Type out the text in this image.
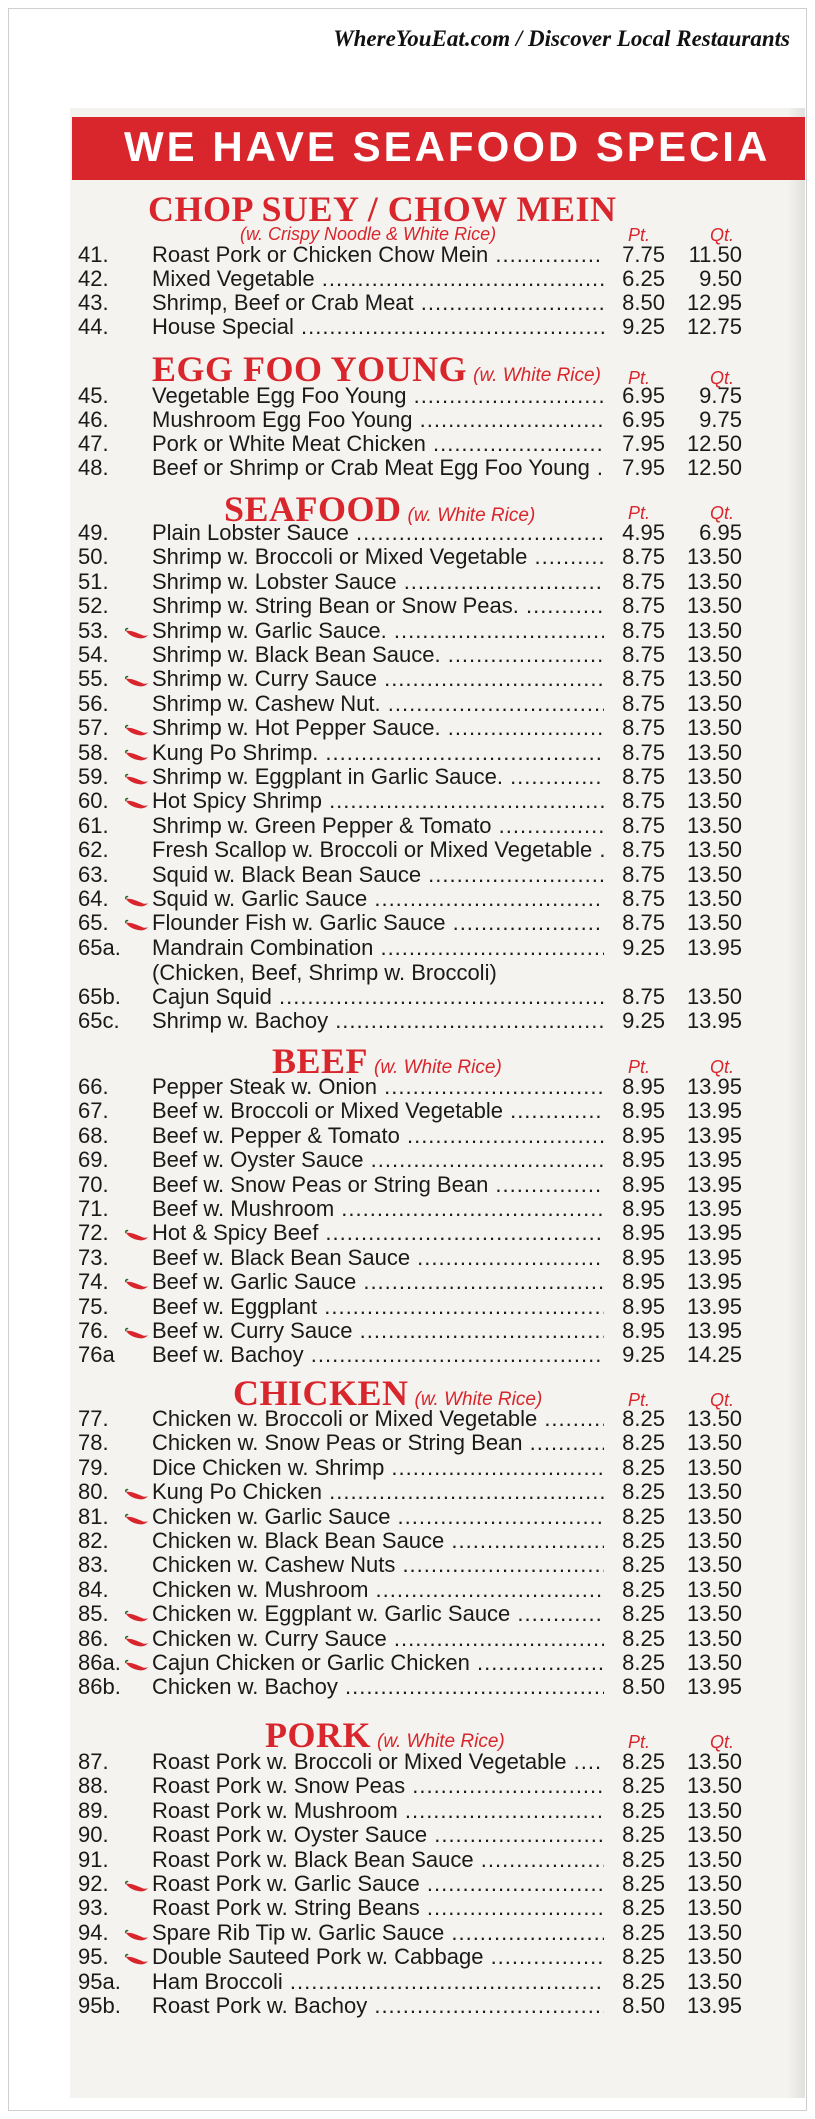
WhereYouEat.com / Discover Local Restaurants
WE HAVE SEAFOOD SPECIA
CHOP SUEY / CHOW MEIN
(w. Crispy Noodle & White Rice)	Pt.	Qt.
41.	Roast Pork or Chicken Chow Mein .....	7.75	11.50
42.	Mixed Vegetable .....	6.25	9.50
43.	Shrimp, Beef or Crab Meat .....	8.50 12.95
44.	House Special .....	9.25 12.75
EGG FOO YOUNG (w. White Rice) Pt.	Qt.
45.	Vegetable Egg Foo Young .....	6.95	9.75
46.	Mushroom Egg Foo Young .....	6.95	9.75
47.	Pork or White Meat Chicken .....	7.95 12.50
48.	Beef or Shrimp or Crab Meat Egg Foo Young .....	7.95 12.50
SEAFOOD (w. White Rice)	Pt.	Qt.
49.	Plain Lobster Sauce .....	4.95	6.95
50.	Shrimp w. Broccoli or Mixed Vegetable .....	8.75 13.50
51.	Shrimp w. Lobster Sauce .....	8.75 13.50
52.	Shrimp w. String Bean or Snow Peas. .....	8.75 13.50
53.	Shrimp w. Garlic Sauce. .....	8.75 13.50
54.	Shrimp w. Black Bean Sauce. .....	8.75 13.50
55.	Shrimp w. Curry Sauce .....	8.75 13.50
56.	Shrimp w. Cashew Nut. .....	8.75 13.50
57.	Shrimp w. Hot Pepper Sauce. .....	8.75 13.50
58.	Kung Po Shrimp. .....	8.75 13.50
59.	Shrimp w. Eggplant in Garlic Sauce. .....	8.75 13.50
60.	Hot Spicy Shrimp .....	8.75 13.50
61.	Shrimp w. Green Pepper & Tomato .....	8.75 13.50
62.	Fresh Scallop w. Broccoli or Mixed Vegetable .....	8.75 13.50
63.	Squid w. Black Bean Sauce .....	8.75 13.50
64.	Squid w. Garlic Sauce .....	8.75 13.50
65.	Flounder Fish w. Garlic Sauce .....	8.75 13.50
65a.	Mandrain Combination .....	9.25 13.95
(Chicken, Beef, Shrimp w. Broccoli)
65b.	Cajun Squid .....	8.75 13.50
65c.	Shrimp w. Bachoy .....	9.25 13.95
BEEF (w. White Rice)	Pt.	Qt.
66.	Pepper Steak w. Onion .....	8.95 13.95
67.	Beef w. Broccoli or Mixed Vegetable .....	8.95 13.95
68.	Beef w. Pepper & Tomato .....	8.95 13.95
69.	Beef w. Oyster Sauce .....	8.95 13.95
70.	Beef w. Snow Peas or String Bean .....	8.95 13.95
71.	Beef w. Mushroom .....	8.95 13.95
72.	Hot & Spicy Beef .....	8.95 13.95
73.	Beef w. Black Bean Sauce .....	8.95 13.95
74.	Beef w. Garlic Sauce .....	8.95 13.95
75.	Beef w. Eggplant .....	8.95 13.95
76.	Beef w. Curry Sauce .....	8.95 13.95
76a	Beef w. Bachoy .....	9.25 14.25
CHICKEN (w. White Rice)	Pt.	Qt.
77.	Chicken w. Broccoli or Mixed Vegetable .....	8.25 13.50
78.	Chicken w. Snow Peas or String Bean .....	8.25 13.50
79.	Dice Chicken w. Shrimp .....	8.25 13.50
80.	Kung Po Chicken .....	8.25 13.50
81.	Chicken w. Garlic Sauce .....	8.25 13.50
82.	Chicken w. Black Bean Sauce .....	8.25 13.50
83.	Chicken w. Cashew Nuts .....	8.25 13.50
84.	Chicken w. Mushroom .....	8.25 13.50
85.	Chicken w. Eggplant w. Garlic Sauce .....	8.25 13.50
86.	Chicken w. Curry Sauce .....	8.25 13.50
86a.	Cajun Chicken or Garlic Chicken .....	8.25 13.50
86b.	Chicken w. Bachoy .....	8.50 13.95
PORK (w. White Rice)	Pt.	Qt.
87.	Roast Pork w. Broccoli or Mixed Vegetable .....	8.25 13.50
88.	Roast Pork w. Snow Peas .....	8.25 13.50
89.	Roast Pork w. Mushroom .....	8.25 13.50
90.	Roast Pork w. Oyster Sauce .....	8.25 13.50
91.	Roast Pork w. Black Bean Sauce .....	8.25 13.50
92.	Roast Pork w. Garlic Sauce .....	8.25 13.50
93.	Roast Pork w. String Beans .....	8.25 13.50
94.	Spare Rib Tip w. Garlic Sauce .....	8.25 13.50
95.	Double Sauteed Pork w. Cabbage .....	8.25 13.50
95a.	Ham Broccoli .....	8.25 13.50
95b.	Roast Pork w. Bachoy .....	8.50 13.95
